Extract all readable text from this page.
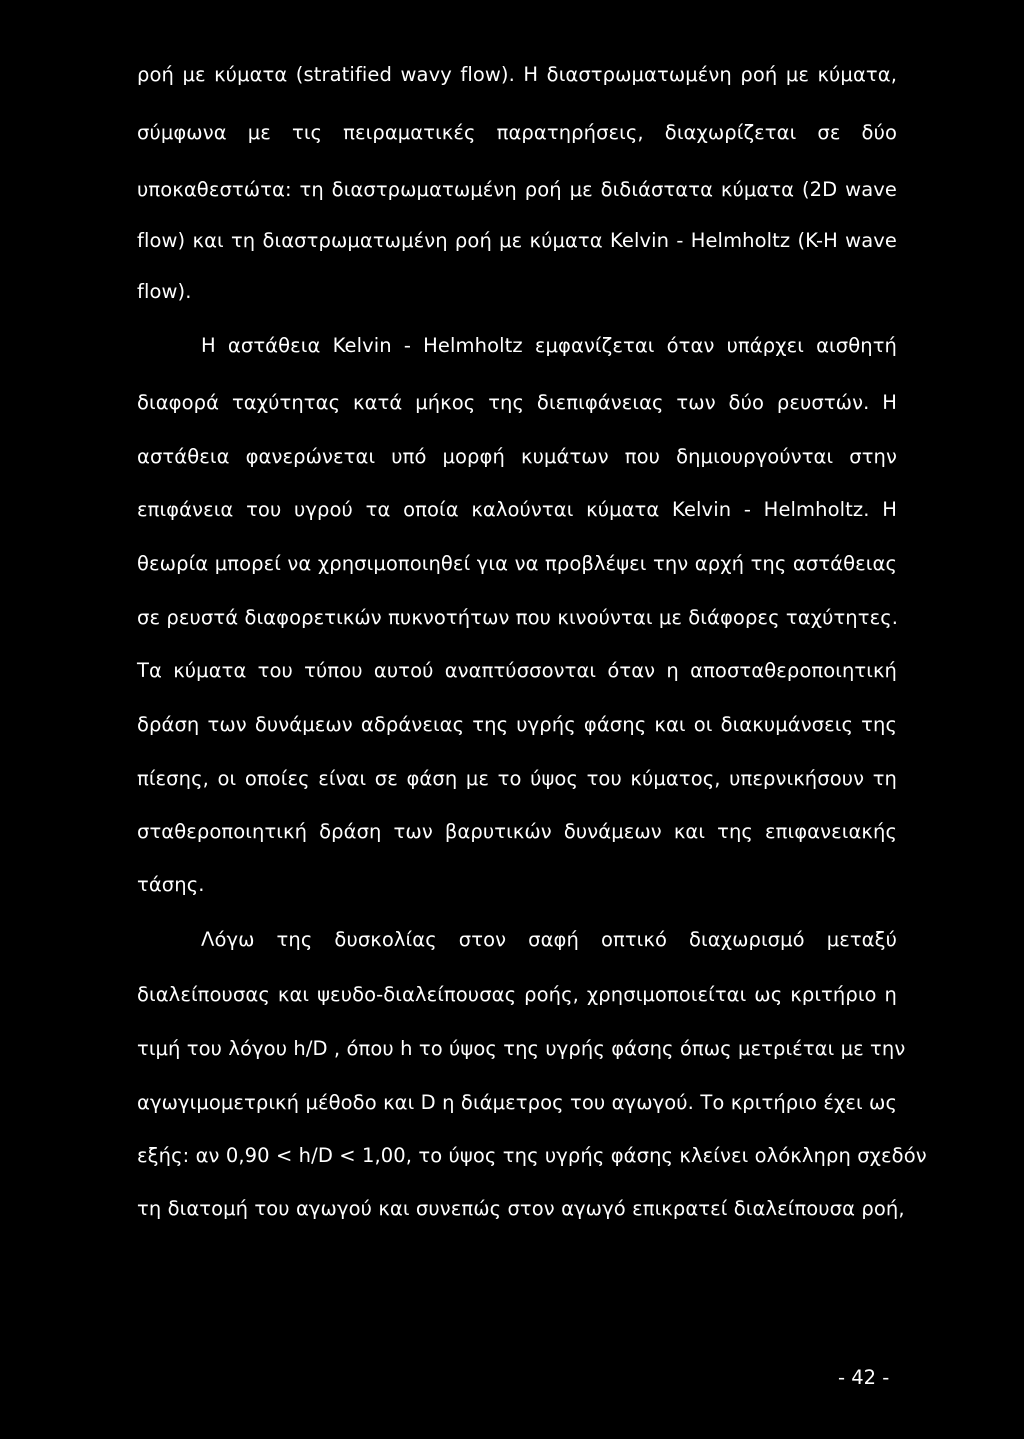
ροή με κύματα (stratified wavy flow). Η διαστρωματωμένη ροή με κύματα,
σύμφωνα με τις πειραματικές παρατηρήσεις, διαχωρίζεται σε δύο
υποκαθεστώτα: τη διαστρωματωμένη ροή με διδιάστατα κύματα (2D wave
flow) και τη διαστρωματωμένη ροή με κύματα Kelvin - Helmholtz (K-H wave
flow).
Η αστάθεια Kelvin - Helmholtz εμφανίζεται όταν υπάρχει αισθητή
διαφορά ταχύτητας κατά μήκος της διεπιφάνειας των δύο ρευστών. Η
αστάθεια φανερώνεται υπό μορφή κυμάτων που δημιουργούνται στην
επιφάνεια του υγρού τα οποία καλούνται κύματα Kelvin - Helmholtz. Η
θεωρία μπορεί να χρησιμοποιηθεί για να προβλέψει την αρχή της αστάθειας
σε ρευστά διαφορετικών πυκνοτήτων που κινούνται με διάφορες ταχύτητες.
Τα κύματα του τύπου αυτού αναπτύσσονται όταν η αποσταθεροποιητική
δράση των δυνάμεων αδράνειας της υγρής φάσης και οι διακυμάνσεις της
πίεσης, οι οποίες είναι σε φάση με το ύψος του κύματος, υπερνικήσουν τη
σταθεροποιητική δράση των βαρυτικών δυνάμεων και της επιφανειακής
τάσης.
Λόγω της δυσκολίας στον σαφή οπτικό διαχωρισμό μεταξύ
διαλείπουσας και ψευδο-διαλείπουσας ροής, χρησιμοποιείται ως κριτήριο η
τιμή του λόγου h/D , όπου h το ύψος της υγρής φάσης όπως μετριέται με την
αγωγιμομετρική μέθοδο και D η διάμετρος του αγωγού. Το κριτήριο έχει ως
εξής: αν 0,90 < h/D < 1,00, το ύψος της υγρής φάσης κλείνει ολόκληρη σχεδόν
τη διατομή του αγωγού και συνεπώς στον αγωγό επικρατεί διαλείπουσα ροή,
- 42 -
